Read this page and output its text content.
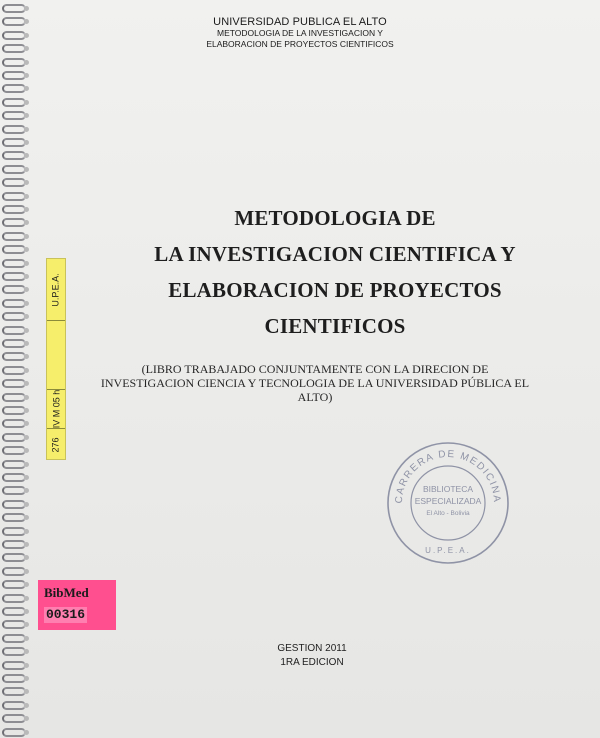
UNIVERSIDAD PUBLICA EL ALTO
METODOLOGIA DE LA INVESTIGACION Y
ELABORACION DE PROYECTOS CIENTIFICOS
METODOLOGIA DE
LA INVESTIGACION CIENTIFICA Y
ELABORACION DE PROYECTOS
CIENTIFICOS
(LIBRO TRABAJADO CONJUNTAMENTE CON LA DIRECION DE INVESTIGACION CIENCIA Y TECNOLOGIA DE LA UNIVERSIDAD PÚBLICA EL ALTO)
GESTION 2011
1RA EDICION
U.P.E.A.
IV M 05 h
276
BibMed
00316
CARRERA DE MEDICINA
BIBLIOTECA
ESPECIALIZADA
El Alto - Bolivia
U.P.E.A.
